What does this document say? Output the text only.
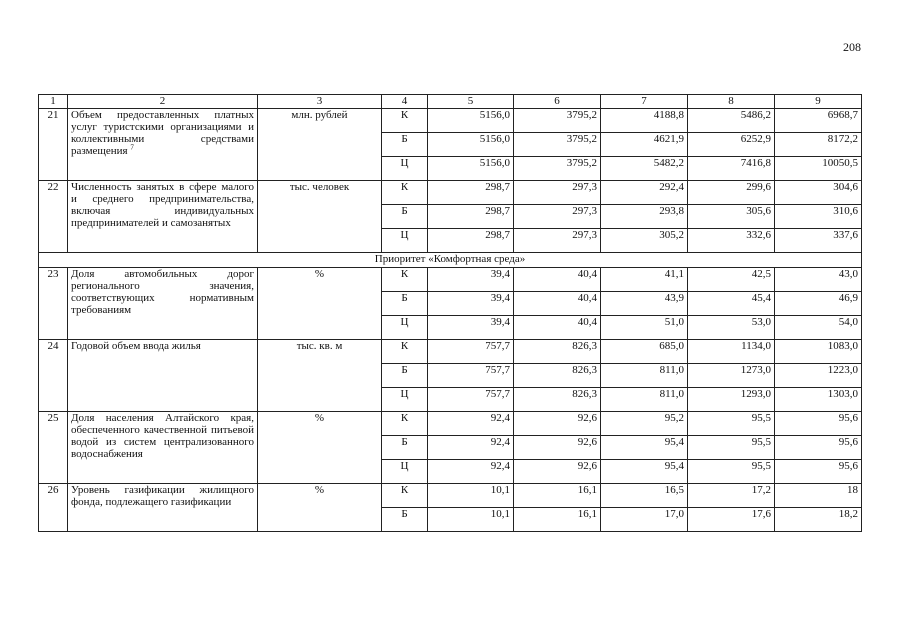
208
1	2	3	4	5	6	7	8	9
21	Объем предоставленных платных услуг туристскими организациями и коллективными средствами размещения $^7$	млн. рублей	К	5156,0	3795,2	4188,8	5486,2	6968,7
			Б	5156,0	3795,2	4621,9	6252,9	8172,2
			Ц	5156,0	3795,2	5482,2	7416,8	10050,5
22	Численность занятых в сфере малого и среднего предпринимательства, включая индивидуальных предпринимателей и самозанятых	тыс. человек	К	298,7	297,3	292,4	299,6	304,6
			Б	298,7	297,3	293,8	305,6	310,6
			Ц	298,7	297,3	305,2	332,6	337,6
Приоритет «Комфортная среда»								
23	Доля автомобильных дорог регионального значения, соответствующих нормативным требованиям	%	К	39,4	40,4	41,1	42,5	43,0
			Б	39,4	40,4	43,9	45,4	46,9
			Ц	39,4	40,4	51,0	53,0	54,0
24	Годовой объем ввода жилья	тыс. кв. м	К	757,7	826,3	685,0	1134,0	1083,0
			Б	757,7	826,3	811,0	1273,0	1223,0
			Ц	757,7	826,3	811,0	1293,0	1303,0
25	Доля населения Алтайского края, обеспеченного качественной питьевой водой из систем централизованного водоснабжения	%	К	92,4	92,6	95,2	95,5	95,6
			Б	92,4	92,6	95,4	95,5	95,6
			Ц	92,4	92,6	95,4	95,5	95,6
26	Уровень газификации жилищного фонда, подлежащего газификации	%	К	10,1	16,1	16,5	17,2	18
			Б	10,1	16,1	17,0	17,6	18,2
